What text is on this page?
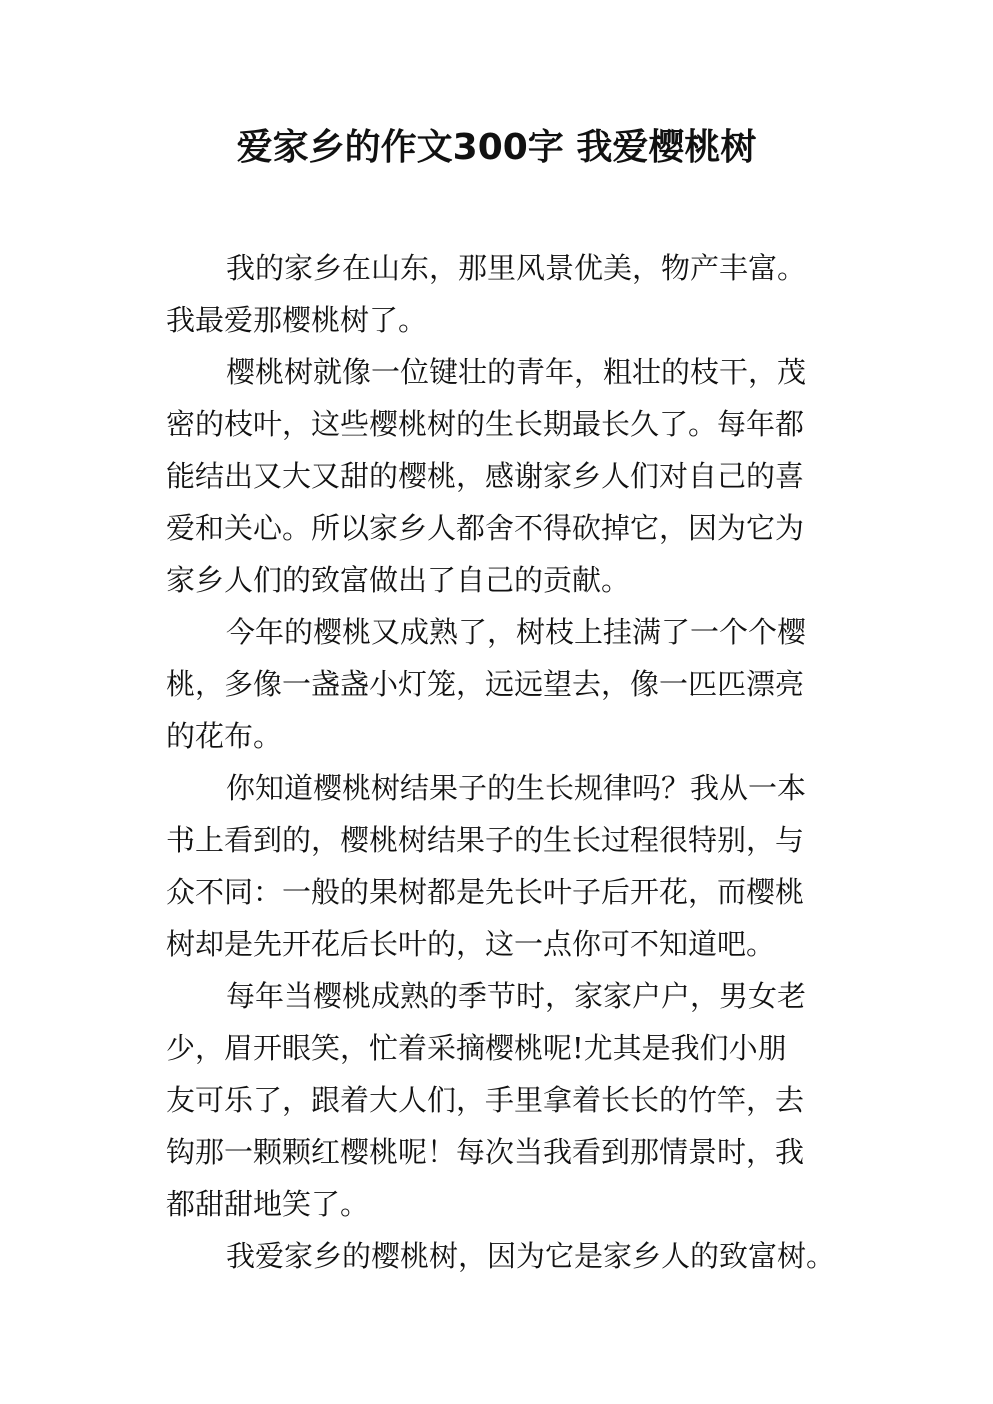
爱家乡的作文300字 我爱樱桃树

我的家乡在山东，那里风景优美，物产丰富。
我最爱那樱桃树了。

樱桃树就像一位键壮的青年，粗壮的枝干，茂
密的枝叶，这些樱桃树的生长期最长久了。每年都
能结出又大又甜的樱桃，感谢家乡人们对自己的喜
爱和关心。所以家乡人都舍不得砍掉它，因为它为
家乡人们的致富做出了自己的贡献。

今年的樱桃又成熟了，树枝上挂满了一个个樱
桃，多像一盏盏小灯笼，远远望去，像一匹匹漂亮
的花布。

你知道樱桃树结果子的生长规律吗？我从一本
书上看到的，樱桃树结果子的生长过程很特别，与
众不同：一般的果树都是先长叶子后开花，而樱桃
树却是先开花后长叶的，这一点你可不知道吧。

每年当樱桃成熟的季节时，家家户户，男女老
少，眉开眼笑，忙着采摘樱桃呢!尤其是我们小朋
友可乐了，跟着大人们，手里拿着长长的竹竿，去
钩那一颗颗红樱桃呢！每次当我看到那情景时，我
都甜甜地笑了。

我爱家乡的樱桃树，因为它是家乡人的致富树。
